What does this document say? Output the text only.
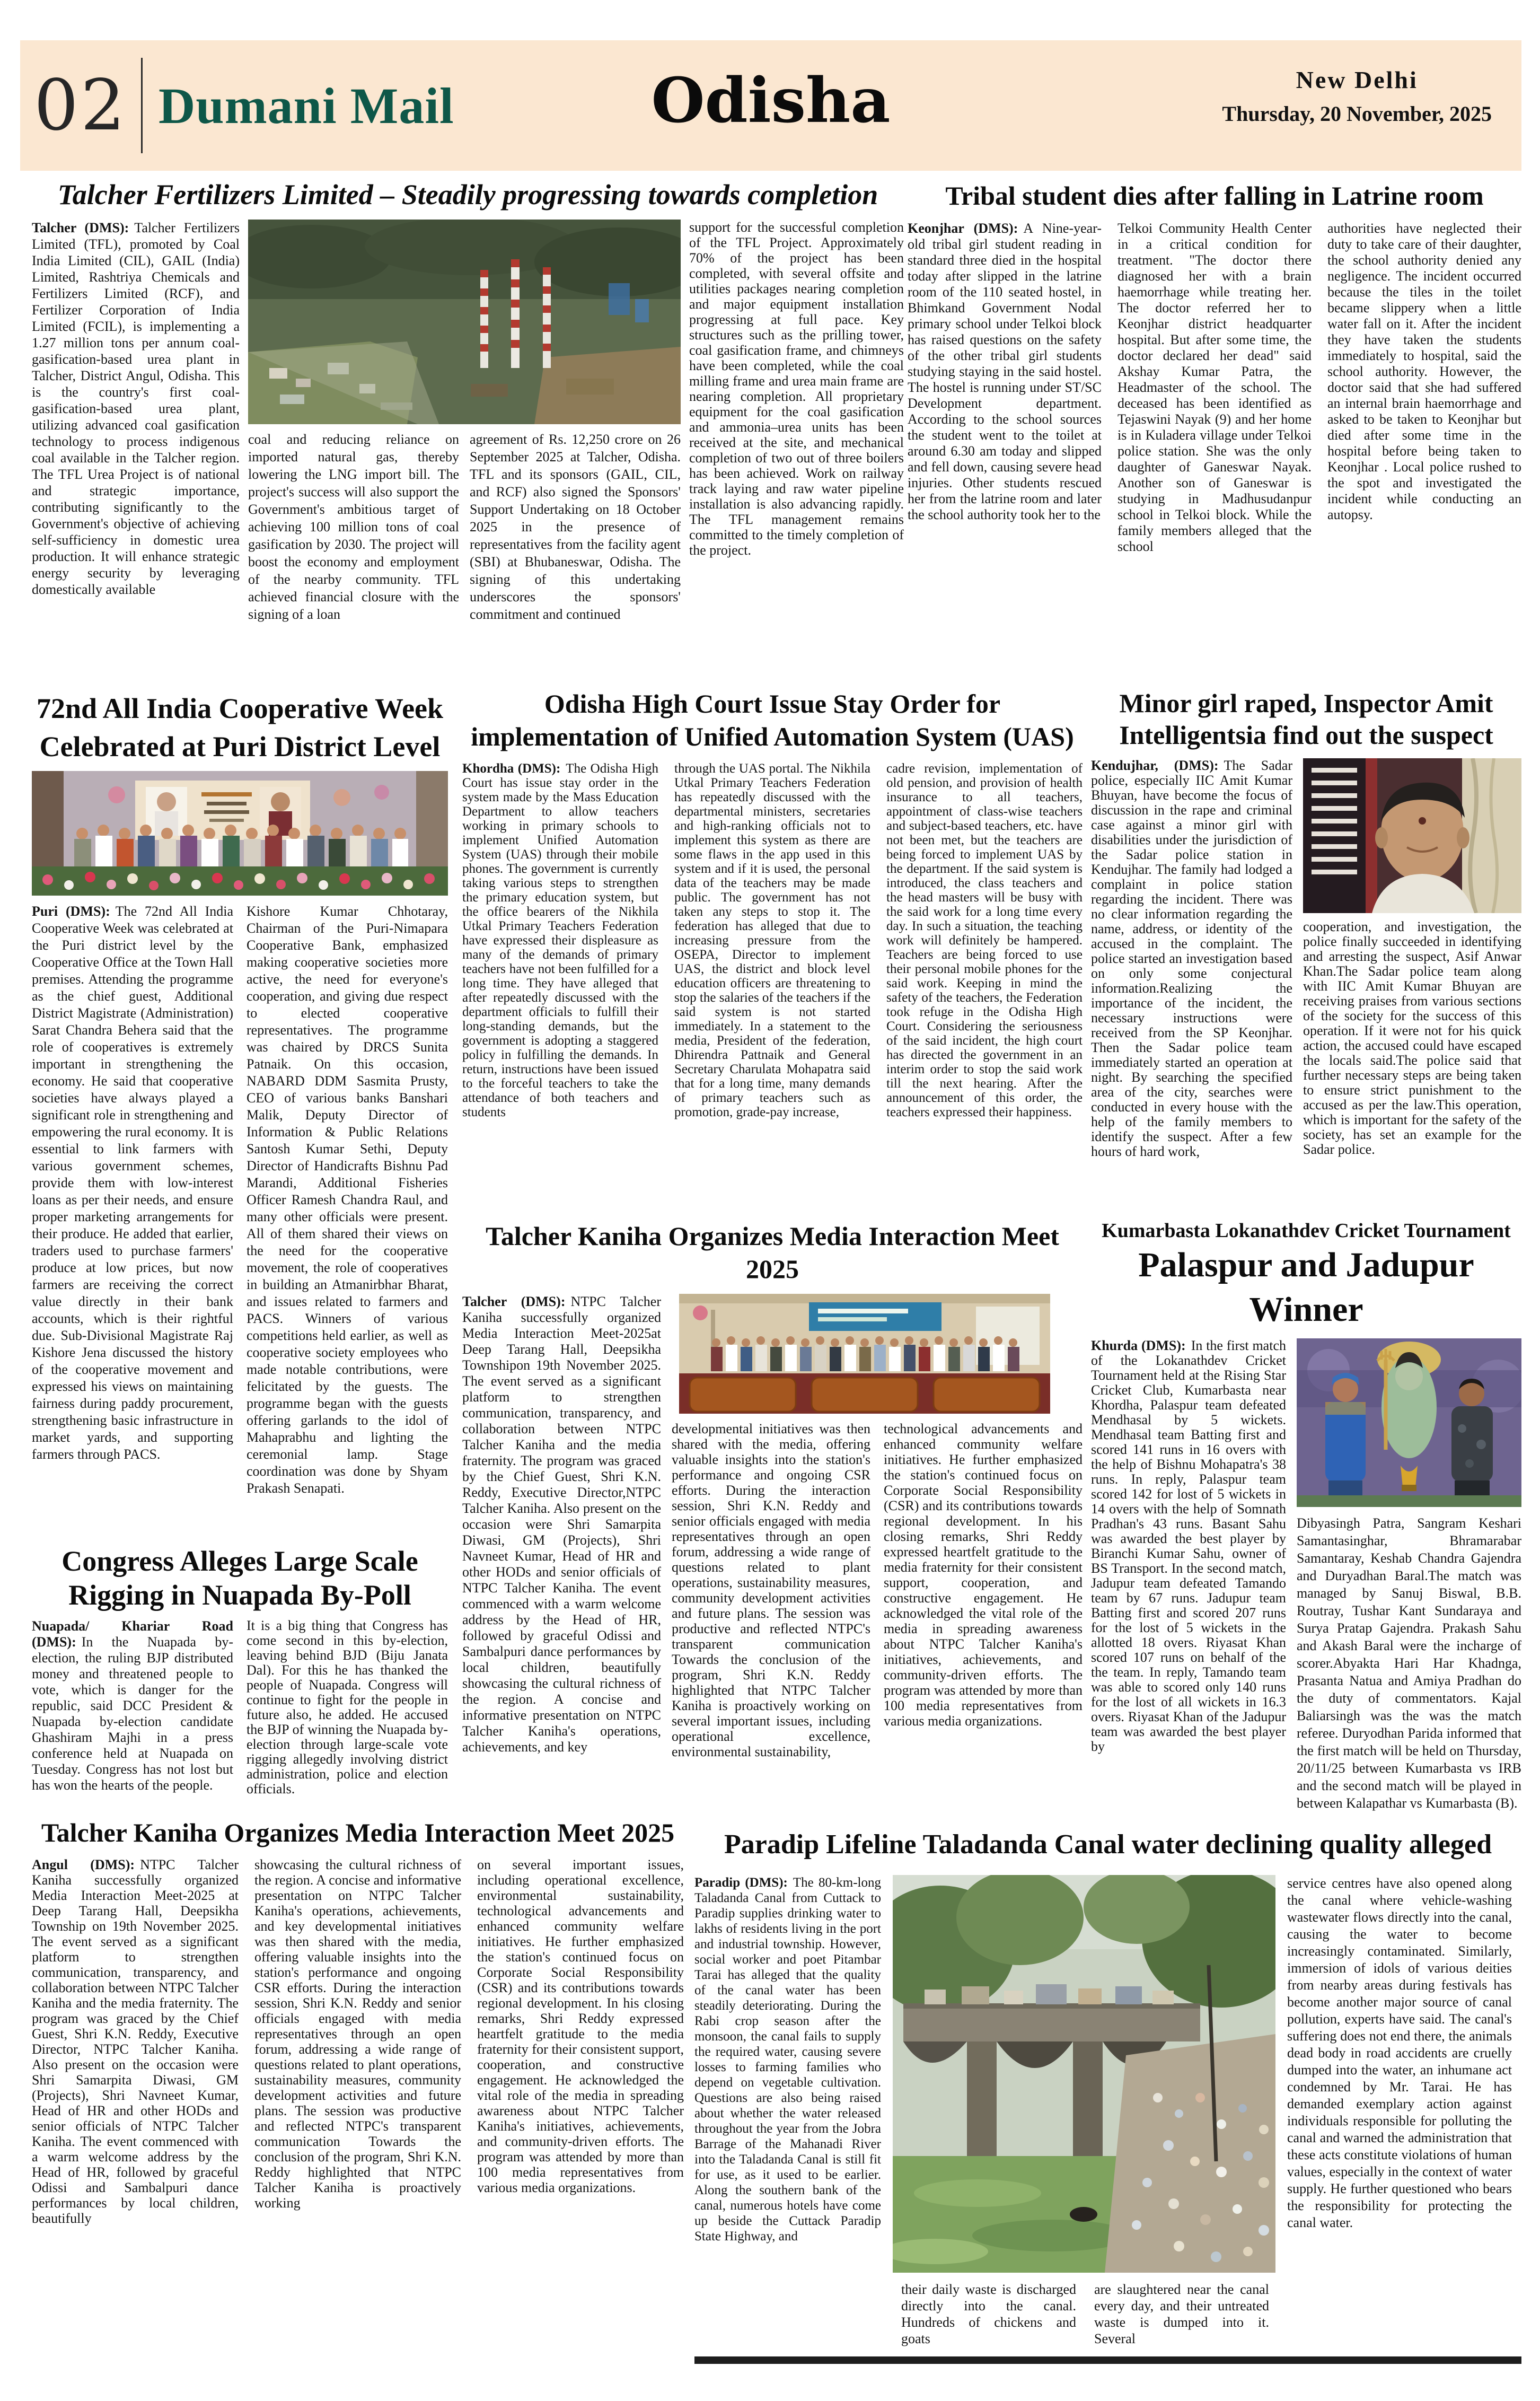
02 Dumani Mail	Odisha	New Delhi
Thursday, 20 November, 2025
Talcher Fertilizers Limited – Steadily progressing towards completion

Talcher (DMS): Talcher Fertilizers Limited (TFL), promoted by Coal India Limited (CIL), GAIL (India) Limited, Rashtriya Chemicals and Fertilizers Limited (RCF), and Fertilizer Corporation of India Limited (FCIL), is implementing a 1.27 million tons per annum coal-gasification-based urea plant in Talcher, District Angul, Odisha. This is the country's first coal-gasification-based urea plant, utilizing advanced coal gasification technology to process indigenous coal available in the Talcher region. The TFL Urea Project is of national and strategic importance, contributing significantly to the Government's objective of achieving self-sufficiency in domestic urea production. It will enhance strategic energy security by leveraging domestically available

coal and reducing reliance on imported natural gas, thereby lowering the LNG import bill. The project's success will also support the Government's ambitious target of achieving 100 million tons of coal gasification by 2030. The project will boost the economy and employment of the nearby community. TFL achieved financial closure with the signing of a loan

agreement of Rs. 12,250 crore on 26 September 2025 at Talcher, Odisha. TFL and its sponsors (GAIL, CIL, and RCF) also signed the Sponsors' Support Undertaking on 18 October 2025 in the presence of representatives from the facility agent (SBI) at Bhubaneswar, Odisha. The signing of this undertaking underscores the sponsors' commitment and continued

support for the successful completion of the TFL Project. Approximately 70% of the project has been completed, with several offsite and utilities packages nearing completion and major equipment installation progressing at full pace. Key structures such as the prilling tower, coal gasification frame, and chimneys have been completed, while the coal milling frame and urea main frame are nearing completion. All proprietary equipment for the coal gasification and ammonia–urea units has been received at the site, and mechanical completion of two out of three boilers has been achieved. Work on railway track laying and raw water pipeline installation is also advancing rapidly. The TFL management remains committed to the timely completion of the project.

Tribal student dies after falling in Latrine room

Keonjhar (DMS): A Nine-year-old tribal girl student reading in standard three died in the hospital today after slipped in the latrine room of the 110 seated hostel, in Bhimkand Government Nodal primary school under Telkoi block has raised questions on the safety of the other tribal girl students studying staying in the said hostel. The hostel is running under ST/SC Development department. According to the school sources the student went to the toilet at around 6.30 am today and slipped and fell down, causing severe head injuries. Other students rescued her from the latrine room and later the school authority took her to the

Telkoi Community Health Center in a critical condition for treatment. "The doctor there diagnosed her with a brain haemorrhage while treating her. The doctor referred her to Keonjhar district headquarter hospital. But after some time, the doctor declared her dead" said Akshay Kumar Patra, the Headmaster of the school. The deceased has been identified as Tejaswini Nayak (9) and her home is in Kuladera village under Telkoi police station. She was the only daughter of Ganeswar Nayak. Another son of Ganeswar is studying in Madhusudanpur school in Telkoi block. While the family members alleged that the school

authorities have neglected their duty to take care of their daughter, the school authority denied any negligence. The incident occurred because the tiles in the toilet became slippery when a little water fall on it. After the incident they have taken the students immediately to hospital, said the school authority. However, the doctor said that she had suffered an internal brain haemorrhage and asked to be taken to Keonjhar but died after some time in the hospital before being taken to Keonjhar . Local police rushed to the spot and investigated the incident while conducting an autopsy.

72nd All India Cooperative Week
Celebrated at Puri District Level

Puri (DMS): The 72nd All India Cooperative Week was celebrated at the Puri district level by the Cooperative Office at the Town Hall premises. Attending the programme as the chief guest, Additional District Magistrate (Administration) Sarat Chandra Behera said that the role of cooperatives is extremely important in strengthening the economy. He said that cooperative societies have always played a significant role in strengthening and empowering the rural economy. It is essential to link farmers with various government schemes, provide them with low-interest loans as per their needs, and ensure proper marketing arrangements for their produce. He added that earlier, traders used to purchase farmers' produce at low prices, but now farmers are receiving the correct value directly in their bank accounts, which is their rightful due. Sub-Divisional Magistrate Raj Kishore Jena discussed the history of the cooperative movement and expressed his views on maintaining fairness during paddy procurement, strengthening basic infrastructure in market yards, and supporting farmers through PACS.

Kishore Kumar Chhotaray, Chairman of the Puri-Nimapara Cooperative Bank, emphasized making cooperative societies more active, the need for everyone's cooperation, and giving due respect to elected cooperative representatives. The programme was chaired by DRCS Sunita Patnaik. On this occasion, NABARD DDM Sasmita Prusty, CEO of various banks Banshari Malik, Deputy Director of Information & Public Relations Santosh Kumar Sethi, Deputy Director of Handicrafts Bishnu Pad Marandi, Additional Fisheries Officer Ramesh Chandra Raul, and many other officials were present. All of them shared their views on the need for the cooperative movement, the role of cooperatives in building an Atmanirbhar Bharat, and issues related to farmers and PACS. Winners of various competitions held earlier, as well as cooperative society employees who made notable contributions, were felicitated by the guests. The programme began with the guests offering garlands to the idol of Mahaprabhu and lighting the ceremonial lamp. Stage coordination was done by Shyam Prakash Senapati.

Congress Alleges Large Scale
Rigging in Nuapada By-Poll

Nuapada/ Khariar Road (DMS): In the Nuapada by-election, the ruling BJP distributed money and threatened people to vote, which is danger for the republic, said DCC President & Nuapada by-election candidate Ghashiram Majhi in a press conference held at Nuapada on Tuesday. Congress has not lost but has won the hearts of the people.

It is a big thing that Congress has come second in this by-election, leaving behind BJD (Biju Janata Dal). For this he has thanked the people of Nuapada. Congress will continue to fight for the people in future also, he added. He accused the BJP of winning the Nuapada by-election through large-scale vote rigging allegedly involving district administration, police and election officials.

Talcher Kaniha Organizes Media Interaction Meet 2025

Angul (DMS): NTPC Talcher Kaniha successfully organized Media Interaction Meet-2025 at Deep Tarang Hall, Deepsikha Township on 19th November 2025. The event served as a significant platform to strengthen communication, transparency, and collaboration between NTPC Talcher Kaniha and the media fraternity. The program was graced by the Chief Guest, Shri K.N. Reddy, Executive Director, NTPC Talcher Kaniha. Also present on the occasion were Shri Samarpita Diwasi, GM (Projects), Shri Navneet Kumar, Head of HR and other HODs and senior officials of NTPC Talcher Kaniha. The event commenced with a warm welcome address by the Head of HR, followed by graceful Odissi and Sambalpuri dance performances by local children, beautifully

showcasing the cultural richness of the region. A concise and informative presentation on NTPC Talcher Kaniha's operations, achievements, and key developmental initiatives was then shared with the media, offering valuable insights into the station's performance and ongoing CSR efforts. During the interaction session, Shri K.N. Reddy and senior officials engaged with media representatives through an open forum, addressing a wide range of questions related to plant operations, sustainability measures, community development activities and future plans. The session was productive and reflected NTPC's transparent communication Towards the conclusion of the program, Shri K.N. Reddy highlighted that NTPC Talcher Kaniha is proactively working

on several important issues, including operational excellence, environmental sustainability, technological advancements and enhanced community welfare initiatives. He further emphasized the station's continued focus on Corporate Social Responsibility (CSR) and its contributions towards regional development. In his closing remarks, Shri Reddy expressed heartfelt gratitude to the media fraternity for their consistent support, cooperation, and constructive engagement. He acknowledged the vital role of the media in spreading awareness about NTPC Talcher Kaniha's initiatives, achievements, and community-driven efforts. The program was attended by more than 100 media representatives from various media organizations.

Odisha High Court Issue Stay Order for
implementation of Unified Automation System (UAS)

Khordha (DMS): The Odisha High Court has issue stay order in the system made by the Mass Education Department to allow teachers working in primary schools to implement Unified Automation System (UAS) through their mobile phones. The government is currently taking various steps to strengthen the primary education system, but the office bearers of the Nikhila Utkal Primary Teachers Federation have expressed their displeasure as many of the demands of primary teachers have not been fulfilled for a long time. They have alleged that after repeatedly discussed with the department officials to fulfill their long-standing demands, but the government is adopting a staggered policy in fulfilling the demands. In return, instructions have been issued to the forceful teachers to take the attendance of both teachers and students

through the UAS portal. The Nikhila Utkal Primary Teachers Federation has repeatedly discussed with the departmental ministers, secretaries and high-ranking officials not to implement this system as there are some flaws in the app used in this system and if it is used, the personal data of the teachers may be made public. The government has not taken any steps to stop it. The federation has alleged that due to increasing pressure from the OSEPA, Director to implement UAS, the district and block level education officers are threatening to stop the salaries of the teachers if the said system is not started immediately. In a statement to the media, President of the federation, Dhirendra Pattnaik and General Secretary Charulata Mohapatra said that for a long time, many demands of primary teachers such as promotion, grade-pay increase,

cadre revision, implementation of old pension, and provision of health insurance to all teachers, appointment of class-wise teachers and subject-based teachers, etc. have not been met, but the teachers are being forced to implement UAS by the department. If the said system is introduced, the class teachers and the head masters will be busy with the said work for a long time every day. In such a situation, the teaching work will definitely be hampered. Teachers are being forced to use their personal mobile phones for the said work. Keeping in mind the safety of the teachers, the Federation took refuge in the Odisha High Court. Considering the seriousness of the said incident, the high court has directed the government in an interim order to stop the said work till the next hearing. After the announcement of this order, the teachers expressed their happiness.

Talcher Kaniha Organizes Media Interaction Meet 2025

Talcher (DMS): NTPC Talcher Kaniha successfully organized Media Interaction Meet-2025at Deep Tarang Hall, Deepsikha Townshipon 19th November 2025. The event served as a significant platform to strengthen communication, transparency, and collaboration between NTPC Talcher Kaniha and the media fraternity. The program was graced by the Chief Guest, Shri K.N. Reddy, Executive Director,NTPC Talcher Kaniha. Also present on the occasion were Shri Samarpita Diwasi, GM (Projects), Shri Navneet Kumar, Head of HR and other HODs and senior officials of NTPC Talcher Kaniha. The event commenced with a warm welcome address by the Head of HR, followed by graceful Odissi and Sambalpuri dance performances by local children, beautifully showcasing the cultural richness of the region. A concise and informative presentation on NTPC Talcher Kaniha's operations, achievements, and key

developmental initiatives was then shared with the media, offering valuable insights into the station's performance and ongoing CSR efforts. During the interaction session, Shri K.N. Reddy and senior officials engaged with media representatives through an open forum, addressing a wide range of questions related to plant operations, sustainability measures, community development activities and future plans. The session was productive and reflected NTPC's transparent communication Towards the conclusion of the program, Shri K.N. Reddy highlighted that NTPC Talcher Kaniha is proactively working on several important issues, including operational excellence, environmental sustainability,

technological advancements and enhanced community welfare initiatives. He further emphasized the station's continued focus on Corporate Social Responsibility (CSR) and its contributions towards regional development. In his closing remarks, Shri Reddy expressed heartfelt gratitude to the media fraternity for their consistent support, cooperation, and constructive engagement. He acknowledged the vital role of the media in spreading awareness about NTPC Talcher Kaniha's initiatives, achievements, and community-driven efforts. The program was attended by more than 100 media representatives from various media organizations.

Minor girl raped, Inspector Amit
Intelligentsia find out the suspect

Kendujhar, (DMS): The Sadar police, especially IIC Amit Kumar Bhuyan, have become the focus of discussion in the rape and criminal case against a minor girl with disabilities under the jurisdiction of the Sadar police station in Kendujhar. The family had lodged a complaint in police station regarding the incident. There was no clear information regarding the name, address, or identity of the accused in the complaint. The police started an investigation based on only some conjectural information.Realizing the importance of the incident, the necessary instructions were received from the SP Keonjhar. Then the Sadar police team immediately started an operation at night. By searching the specified area of the city, searches were conducted in every house with the help of the family members to identify the suspect. After a few hours of hard work,

cooperation, and investigation, the police finally succeeded in identifying and arresting the suspect, Asif Anwar Khan.The Sadar police team along with IIC Amit Kumar Bhuyan are receiving praises from various sections of the society for the success of this operation. If it were not for his quick action, the accused could have escaped the locals said.The police said that further necessary steps are being taken to ensure strict punishment to the accused as per the law.This operation, which is important for the safety of the society, has set an example for the Sadar police.

Kumarbasta Lokanathdev Cricket Tournament

Palaspur and Jadupur Winner

Khurda (DMS): In the first match of the Lokanathdev Cricket Tournament held at the Rising Star Cricket Club, Kumarbasta near Khordha, Palaspur team defeated Mendhasal by 5 wickets. Mendhasal team Batting first and scored 141 runs in 16 overs with the help of Bishnu Mohapatra's 38 runs. In reply, Palaspur team scored 142 for lost of 5 wickets in 14 overs with the help of Somnath Pradhan's 43 runs. Basant Sahu was awarded the best player by Biranchi Kumar Sahu, owner of BS Transport. In the second match, Jadupur team defeated Tamando team by 67 runs. Jadupur team Batting first and scored 207 runs for the lost of 5 wickets in the allotted 18 overs. Riyasat Khan scored 107 runs on behalf of the the team. In reply, Tamando team was able to scored only 140 runs for the lost of all wickets in 16.3 overs. Riyasat Khan of the Jadupur team was awarded the best player by

Dibyasingh Patra, Sangram Keshari Samantasinghar, Bhramarabar Samantaray, Keshab Chandra Gajendra and Duryadhan Baral.The match was managed by Sanuj Biswal, B.B. Routray, Tushar Kant Sundaraya and Surya Pratap Gajendra. Prakash Sahu and Akash Baral were the incharge of scorer.Abyakta Hari Har Khadnga, Prasanta Natua and Amiya Pradhan do the duty of commentators. Kajal Baliarsingh was the was the match referee. Duryodhan Parida informed that the first match will be held on Thursday, 20/11/25 between Kumarbasta vs IRB and the second match will be played in between Kalapathar vs Kumarbasta (B).

Paradip Lifeline Taladanda Canal water declining quality alleged

Paradip (DMS): The 80-km-long Taladanda Canal from Cuttack to Paradip supplies drinking water to lakhs of residents living in the port and industrial township. However, social worker and poet Pitambar Tarai has alleged that the quality of the canal water has been steadily deteriorating. During the Rabi crop season after the monsoon, the canal fails to supply the required water, causing severe losses to farming families who depend on vegetable cultivation. Questions are also being raised about whether the water released throughout the year from the Jobra Barrage of the Mahanadi River into the Taladanda Canal is still fit for use, as it used to be earlier. Along the southern bank of the canal, numerous hotels have come up beside the Cuttack Paradip State Highway, and

their daily waste is discharged directly into the canal. Hundreds of chickens and goats

are slaughtered near the canal every day, and their untreated waste is dumped into it. Several

service centres have also opened along the canal where vehicle-washing wastewater flows directly into the canal, causing the water to become increasingly contaminated. Similarly, immersion of idols of various deities from nearby areas during festivals has become another major source of canal pollution, experts have said. The canal's suffering does not end there, the animals dead body in road accidents are cruelly dumped into the water, an inhumane act condemned by Mr. Tarai. He has demanded exemplary action against individuals responsible for polluting the canal and warned the administration that these acts constitute violations of human values, especially in the context of water supply. He further questioned who bears the responsibility for protecting the canal water.
